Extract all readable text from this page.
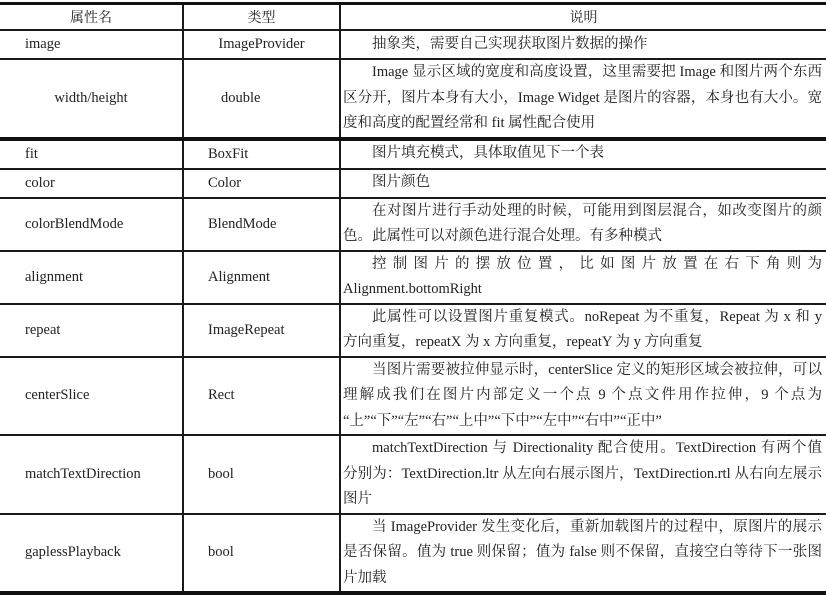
属性名	类型	说明
image	ImageProvider	抽象类，需要自己实现获取图片数据的操作
width/height	double	Image 显示区域的宽度和高度设置，这里需要把 Image 和图片两个东西区分开，图片本身有大小，Image Widget 是图片的容器，本身也有大小。宽度和高度的配置经常和 fit 属性配合使用
fit	BoxFit	图片填充模式，具体取值见下一个表
color	Color	图片颜色
colorBlendMode	BlendMode	在对图片进行手动处理的时候，可能用到图层混合，如改变图片的颜色。此属性可以对颜色进行混合处理。有多种模式
alignment	Alignment	控制图片的摆放位置，比如图片放置在右下角则为 Alignment.bottomRight
repeat	ImageRepeat	此属性可以设置图片重复模式。noRepeat 为不重复，Repeat 为 x 和 y 方向重复，repeatX 为 x 方向重复，repeatY 为 y 方向重复
centerSlice	Rect	当图片需要被拉伸显示时，centerSlice 定义的矩形区域会被拉伸，可以理解成我们在图片内部定义一个点 9 个点文件用作拉伸，9 个点为 “上”“下”“左”“右”“上中”“下中”“左中”“右中”“正中”
matchTextDirection	bool	matchTextDirection 与 Directionality 配合使用。TextDirection 有两个值分别为：TextDirection.ltr 从左向右展示图片，TextDirection.rtl 从右向左展示图片
gaplessPlayback	bool	当 ImageProvider 发生变化后，重新加载图片的过程中，原图片的展示是否保留。值为 true 则保留；值为 false 则不保留，直接空白等待下一张图片加载
